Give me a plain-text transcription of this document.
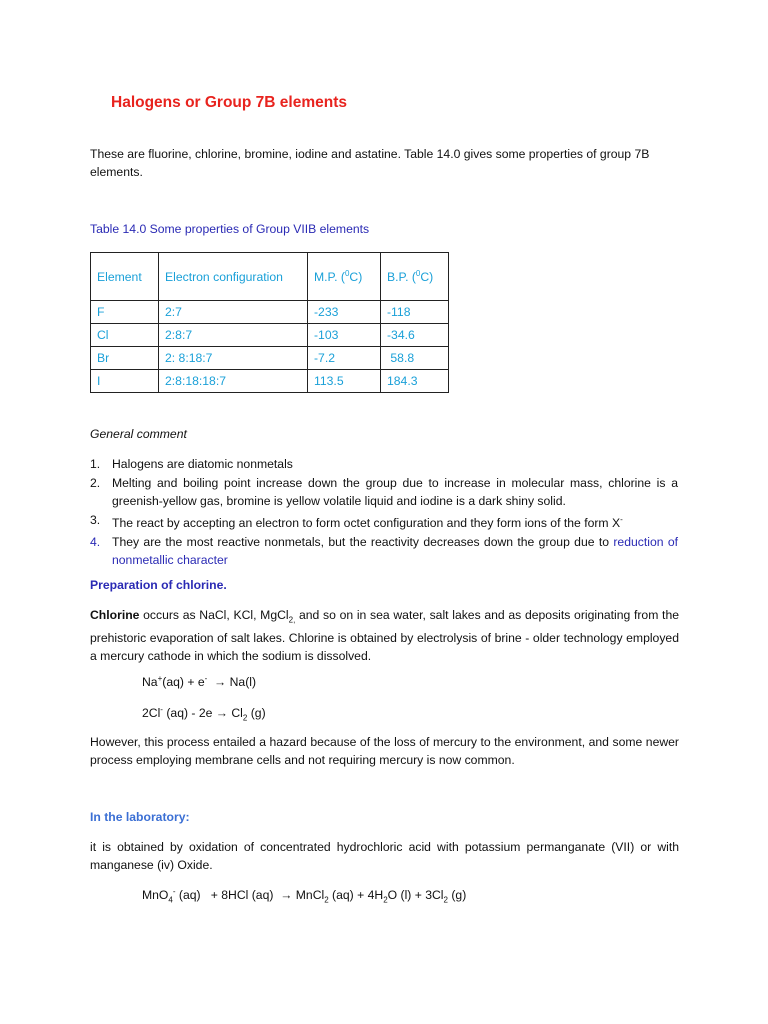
Halogens or Group 7B elements
These are fluorine, chlorine, bromine, iodine and astatine. Table 14.0 gives some properties of group 7B elements.
Table 14.0 Some properties of Group VIIB elements
Element	Electron configuration	M.P. ($^0$C)	B.P. ($^0$C)
F	2:7	-233	-118
Cl	2:8:7	-103	-34.6
Br	2: 8:18:7	-7.2	58.8
I	2:8:18:18:7	113.5	184.3
General comment
1. Halogens are diatomic nonmetals
2. Melting and boiling point increase down the group due to increase in molecular mass, chlorine is a greenish-yellow gas, bromine is yellow volatile liquid and iodine is a dark shiny solid.
3. The react by accepting an electron to form octet configuration and they form ions of the form X-
4. They are the most reactive nonmetals, but the reactivity decreases down the group due to reduction of nonmetallic character
Preparation of chlorine.
Chlorine occurs as NaCl, KCl, MgCl$_{2,}$ and so on in sea water, salt lakes and as deposits originating from the prehistoric evaporation of salt lakes. Chlorine is obtained by electrolysis of brine - older technology employed a mercury cathode in which the sodium is dissolved.
Na+(aq) + e-  → Na(l)
2Cl- $(aq) - 2e \to Cl_2$ (g)
However, this process entailed a hazard because of the loss of mercury to the environment, and some newer process employing membrane cells and not requiring mercury is now common.
In the laboratory:
it is obtained by oxidation of concentrated hydrochloric acid with potassium permanganate (VII) or with manganese (iv) Oxide.
MnO$_4$- (aq)   + 8HCl (aq)  → MnCl$_2$ $(aq) + 4H_2O$ $(l) + 3Cl_2$ (g)
